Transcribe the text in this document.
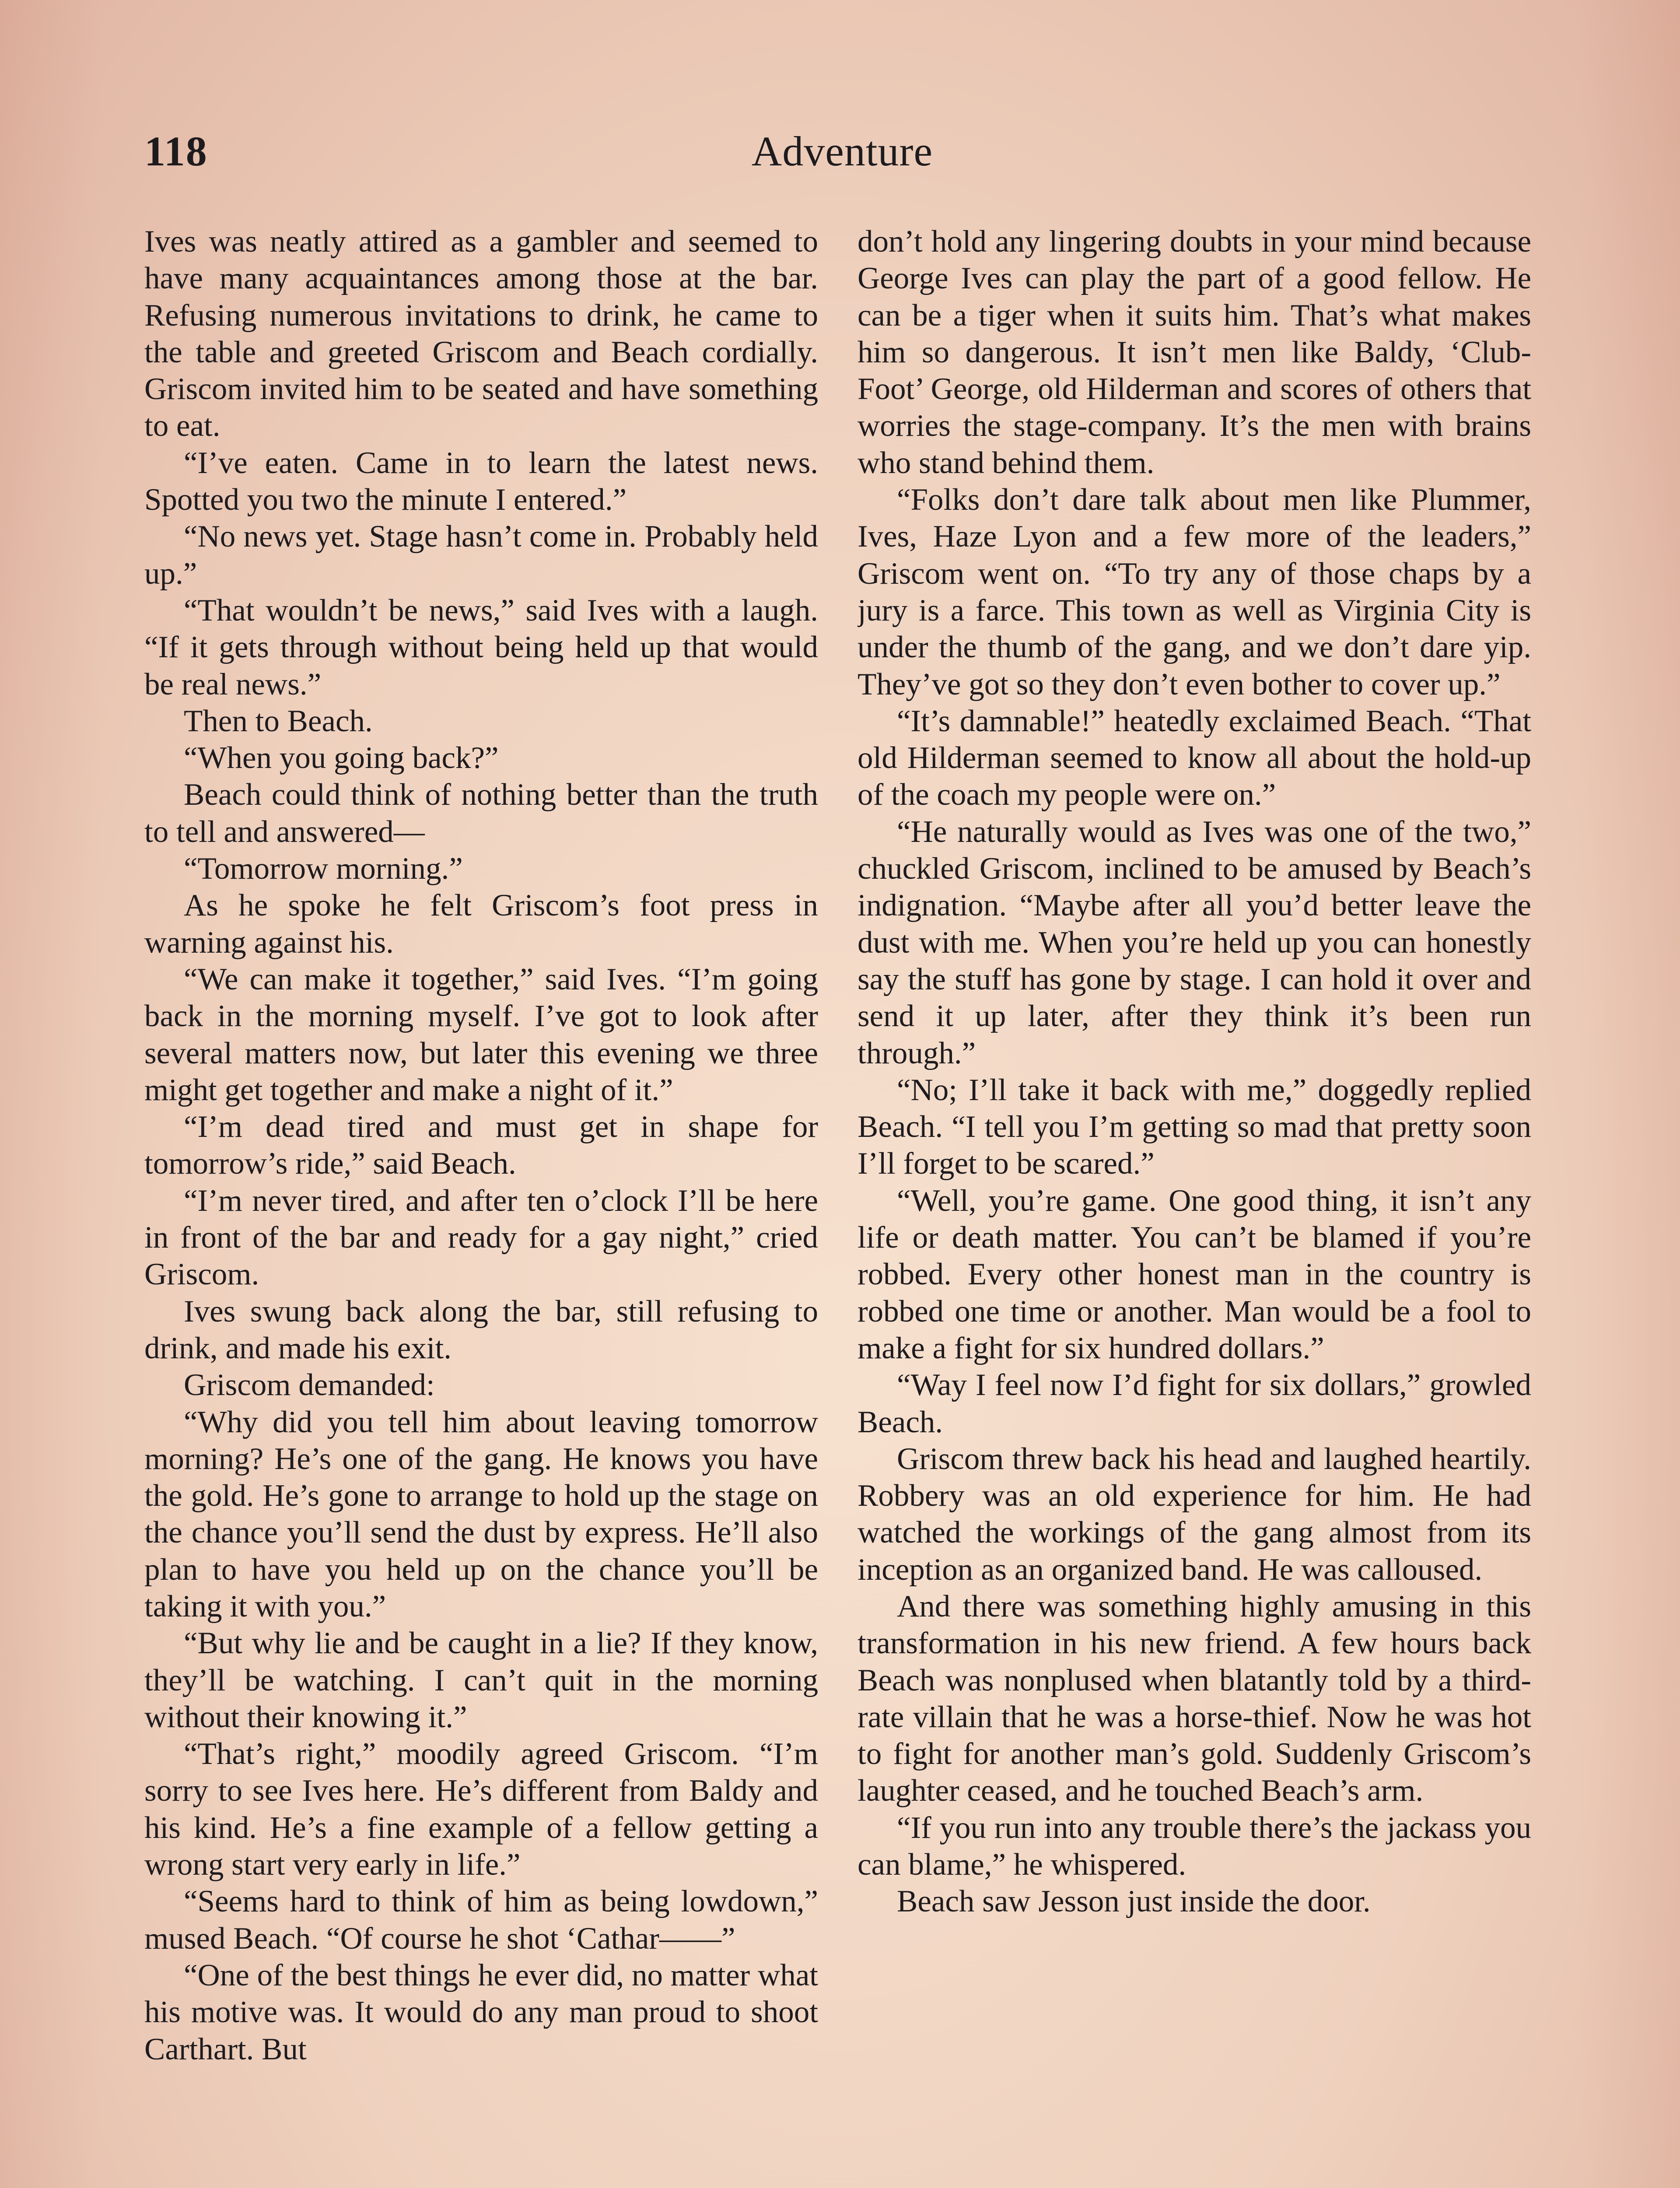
118	Adventure

Ives was neatly attired as a gambler and seemed to have many acquaintances among those at the bar. Refusing numerous invitations to drink, he came to the table and greeted Griscom and Beach cordially. Griscom invited him to be seated and have something to eat.

“I’ve eaten. Came in to learn the latest news. Spotted you two the minute I entered.”

“No news yet. Stage hasn’t come in. Probably held up.”

“That wouldn’t be news,” said Ives with a laugh. “If it gets through without being held up that would be real news.”

Then to Beach.

“When you going back?”

Beach could think of nothing better than the truth to tell and answered—

“Tomorrow morning.”

As he spoke he felt Griscom’s foot press in warning against his.

“We can make it together,” said Ives. “I’m going back in the morning myself. I’ve got to look after several matters now, but later this evening we three might get together and make a night of it.”

“I’m dead tired and must get in shape for tomorrow’s ride,” said Beach.

“I’m never tired, and after ten o’clock I’ll be here in front of the bar and ready for a gay night,” cried Griscom.

Ives swung back along the bar, still refusing to drink, and made his exit.

Griscom demanded:

“Why did you tell him about leaving tomorrow morning? He’s one of the gang. He knows you have the gold. He’s gone to arrange to hold up the stage on the chance you’ll send the dust by express. He’ll also plan to have you held up on the chance you’ll be taking it with you.”

“But why lie and be caught in a lie? If they know, they’ll be watching. I can’t quit in the morning without their knowing it.”

“That’s right,” moodily agreed Griscom. “I’m sorry to see Ives here. He’s different from Baldy and his kind. He’s a fine example of a fellow getting a wrong start very early in life.”

“Seems hard to think of him as being lowdown,” mused Beach. “Of course he shot ‘Cathar——”

“One of the best things he ever did, no matter what his motive was. It would do any man proud to shoot Carthart. But

don’t hold any lingering doubts in your mind because George Ives can play the part of a good fellow. He can be a tiger when it suits him. That’s what makes him so dangerous. It isn’t men like Baldy, ‘Club-Foot’ George, old Hilderman and scores of others that worries the stage-company. It’s the men with brains who stand behind them.

“Folks don’t dare talk about men like Plummer, Ives, Haze Lyon and a few more of the leaders,” Griscom went on. “To try any of those chaps by a jury is a farce. This town as well as Virginia City is under the thumb of the gang, and we don’t dare yip. They’ve got so they don’t even bother to cover up.”

“It’s damnable!” heatedly exclaimed Beach. “That old Hilderman seemed to know all about the hold-up of the coach my people were on.”

“He naturally would as Ives was one of the two,” chuckled Griscom, inclined to be amused by Beach’s indignation. “Maybe after all you’d better leave the dust with me. When you’re held up you can honestly say the stuff has gone by stage. I can hold it over and send it up later, after they think it’s been run through.”

“No; I’ll take it back with me,” doggedly replied Beach. “I tell you I’m getting so mad that pretty soon I’ll forget to be scared.”

“Well, you’re game. One good thing, it isn’t any life or death matter. You can’t be blamed if you’re robbed. Every other honest man in the country is robbed one time or another. Man would be a fool to make a fight for six hundred dollars.”

“Way I feel now I’d fight for six dollars,” growled Beach.

Griscom threw back his head and laughed heartily. Robbery was an old experience for him. He had watched the workings of the gang almost from its inception as an organized band. He was calloused.

And there was something highly amusing in this transformation in his new friend. A few hours back Beach was nonplused when blatantly told by a third-rate villain that he was a horse-thief. Now he was hot to fight for another man’s gold. Suddenly Griscom’s laughter ceased, and he touched Beach’s arm.

“If you run into any trouble there’s the jackass you can blame,” he whispered.

Beach saw Jesson just inside the door.
